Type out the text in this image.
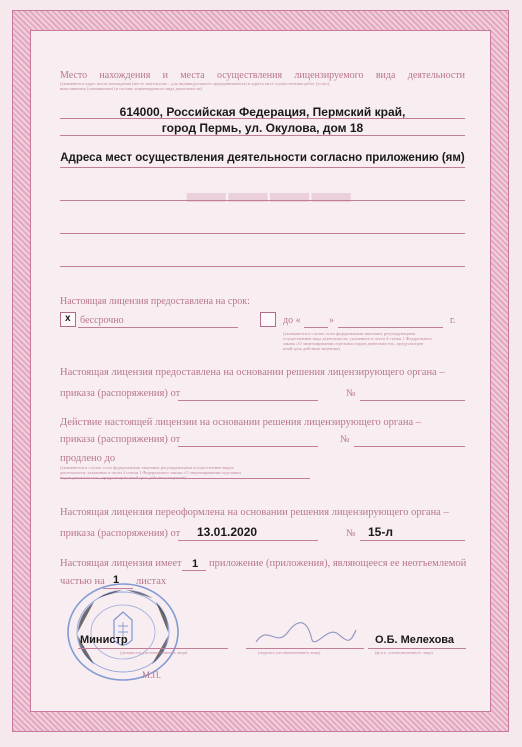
▬▬▬▬
Место нахождения и места осуществления лицензируемого вида деятельности
(указывается адрес места нахождения (место жительства – для индивидуального предпринимателя) и адреса мест осуществления работ (услуг),
выполняемых (оказываемых) в составе лицензируемого вида деятельности)
614000, Российская Федерация, Пермский край,
город Пермь, ул. Окулова, дом 18
Адреса мест осуществления деятельности согласно приложению (ям)
Настоящая лицензия предоставлена на срок:
x бессрочно	до «	»	г.
(указывается в случае, если федеральными законами, регулирующими
осуществление вида деятельности, указанного в части 4 статьи 1 Федерального
закона «О лицензировании отдельных видов деятельности», предусмотрен
иной срок действия лицензии)
Настоящая лицензия предоставлена на основании решения лицензирующего органа –
приказа (распоряжения) от	№
Действие настоящей лицензии на основании решения лицензирующего органа –
приказа (распоряжения) от	№
продлено до
(указывается в случае, если федеральными законами, регулирующими осуществление видов
деятельности, указанных в части 4 статьи 1 Федерального закона «О лицензировании отдельных
видов деятельности», предусмотрен иной срок действия лицензии)
Настоящая лицензия переоформлена на основании решения лицензирующего органа –
приказа (распоряжения) от 13.01.2020	№ 15-л
Настоящая лицензия имеет 1 приложение (приложения), являющееся ее неотъемлемой
частью на 1 листах
Министр
(должность уполномоченного лица)	(подпись уполномоченного лица)
О.Б. Мелехова
(ф.и.о. уполномоченного лица)
М.П.
